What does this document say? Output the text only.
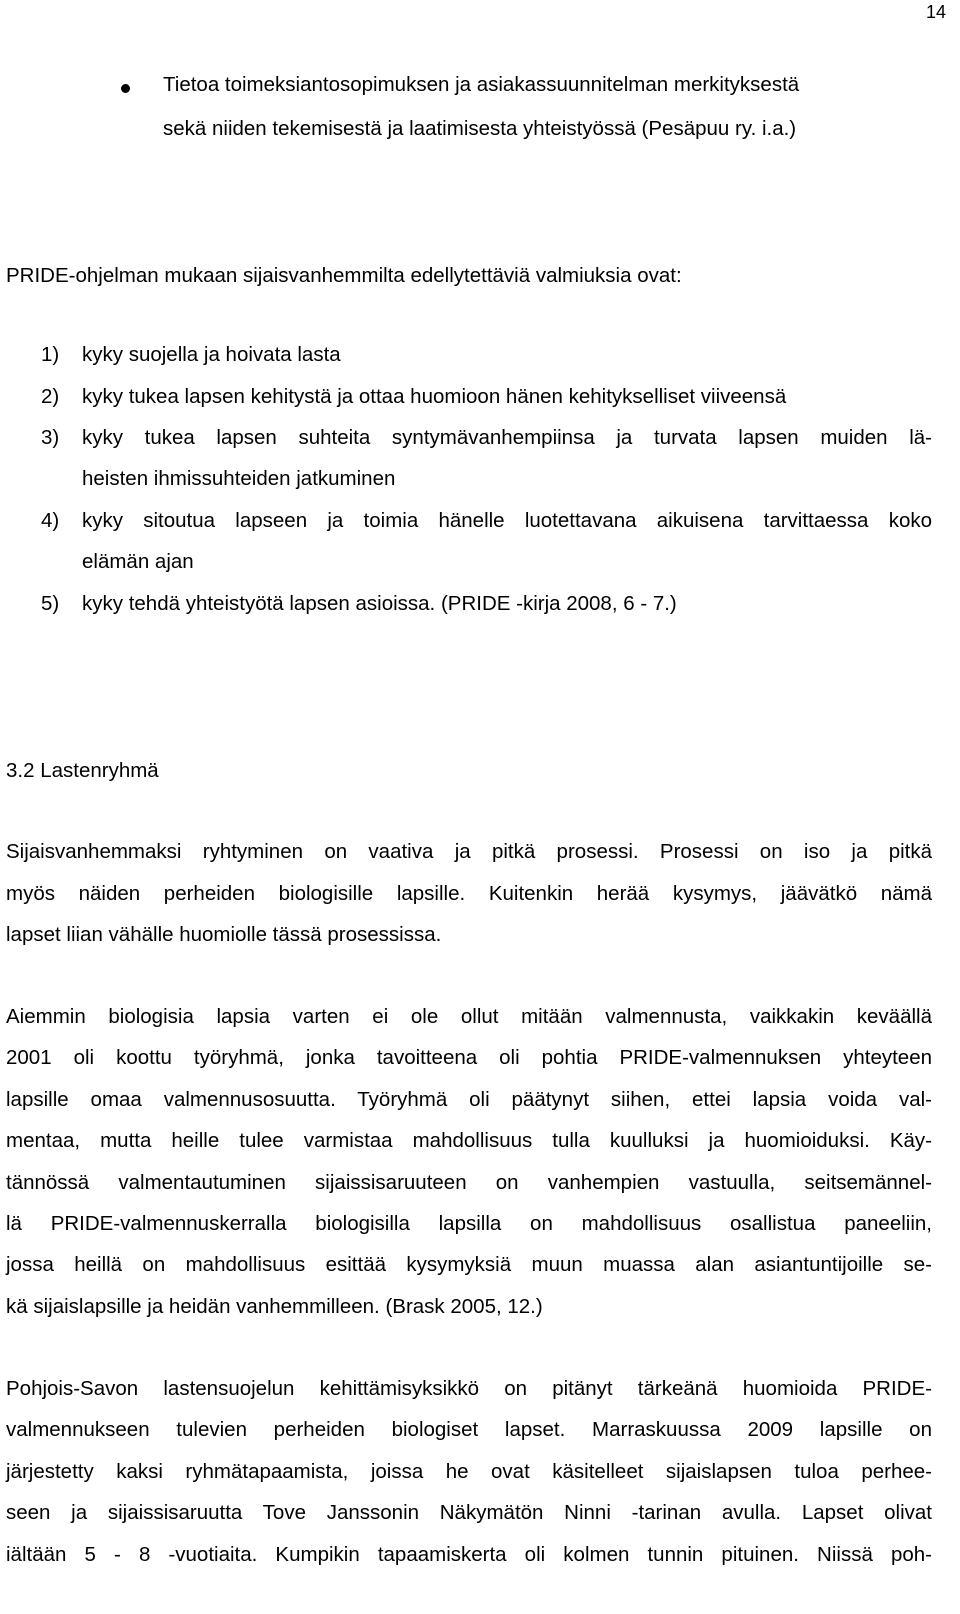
14
Tietoa toimeksiantosopimuksen ja asiakassuunnitelman merkityksestä
sekä niiden tekemisestä ja laatimisesta yhteistyössä (Pesäpuu ry. i.a.)
PRIDE-ohjelman mukaan sijaisvanhemmilta edellytettäviä valmiuksia ovat:
1) kyky suojella ja hoivata lasta
2) kyky tukea lapsen kehitystä ja ottaa huomioon hänen kehitykselliset viiveensä
3) kyky tukea lapsen suhteita syntymävanhempiinsa ja turvata lapsen muiden lä-
heisten ihmissuhteiden jatkuminen
4) kyky sitoutua lapseen ja toimia hänelle luotettavana aikuisena tarvittaessa koko
elämän ajan
5) kyky tehdä yhteistyötä lapsen asioissa. (PRIDE -kirja 2008, 6 - 7.)
3.2 Lastenryhmä
Sijaisvanhemmaksi ryhtyminen on vaativa ja pitkä prosessi. Prosessi on iso ja pitkä
myös näiden perheiden biologisille lapsille. Kuitenkin herää kysymys, jäävätkö nämä
lapset liian vähälle huomiolle tässä prosessissa.
Aiemmin biologisia lapsia varten ei ole ollut mitään valmennusta, vaikkakin keväällä
2001 oli koottu työryhmä, jonka tavoitteena oli pohtia PRIDE-valmennuksen yhteyteen
lapsille omaa valmennusosuutta. Työryhmä oli päätynyt siihen, ettei lapsia voida val-
mentaa, mutta heille tulee varmistaa mahdollisuus tulla kuulluksi ja huomioiduksi. Käy-
tännössä valmentautuminen sijaissisaruuteen on vanhempien vastuulla, seitsemännel-
lä PRIDE-valmennuskerralla biologisilla lapsilla on mahdollisuus osallistua paneeliin,
jossa heillä on mahdollisuus esittää kysymyksiä muun muassa alan asiantuntijoille se-
kä sijaislapsille ja heidän vanhemmilleen. (Brask 2005, 12.)
Pohjois-Savon lastensuojelun kehittämisyksikkö on pitänyt tärkeänä huomioida PRIDE-
valmennukseen tulevien perheiden biologiset lapset. Marraskuussa 2009 lapsille on
järjestetty kaksi ryhmätapaamista, joissa he ovat käsitelleet sijaislapsen tuloa perhee-
seen ja sijaissisaruutta Tove Janssonin Näkymätön Ninni -tarinan avulla. Lapset olivat
iältään 5 - 8 -vuotiaita. Kumpikin tapaamiskerta oli kolmen tunnin pituinen. Niissä poh-
